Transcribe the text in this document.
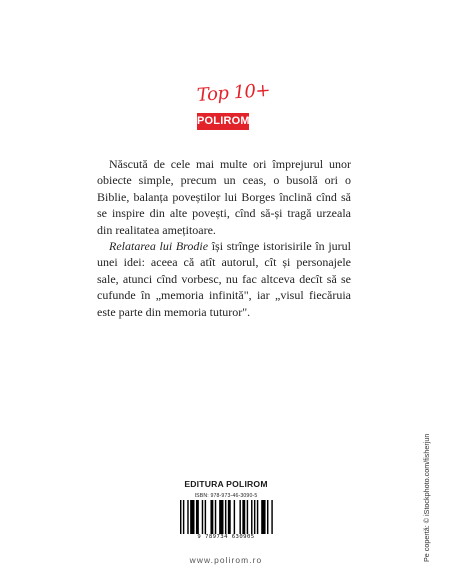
Top 10+
POLIROM

Născută de cele mai multe ori împrejurul unor obiecte simple, precum un ceas, o busolă ori o Biblie, balanța poveștilor lui Borges înclină cînd să se inspire din alte povești, cînd să-și tragă urzeala din realitatea amețitoare.

Relatarea lui Brodie își strînge istorisirile în jurul unei idei: aceea că atît autorul, cît și personajele sale, atunci cînd vorbesc, nu fac altceva decît să se cufunde în „memoria infinită", iar „visul fiecăruia este parte din memoria tuturor".

Pe copertă: © iStockphoto.com/fisherjun
EDITURA POLIROM
ISBN: 978-973-46-3090-5
9 789734 630905
www.polirom.ro
